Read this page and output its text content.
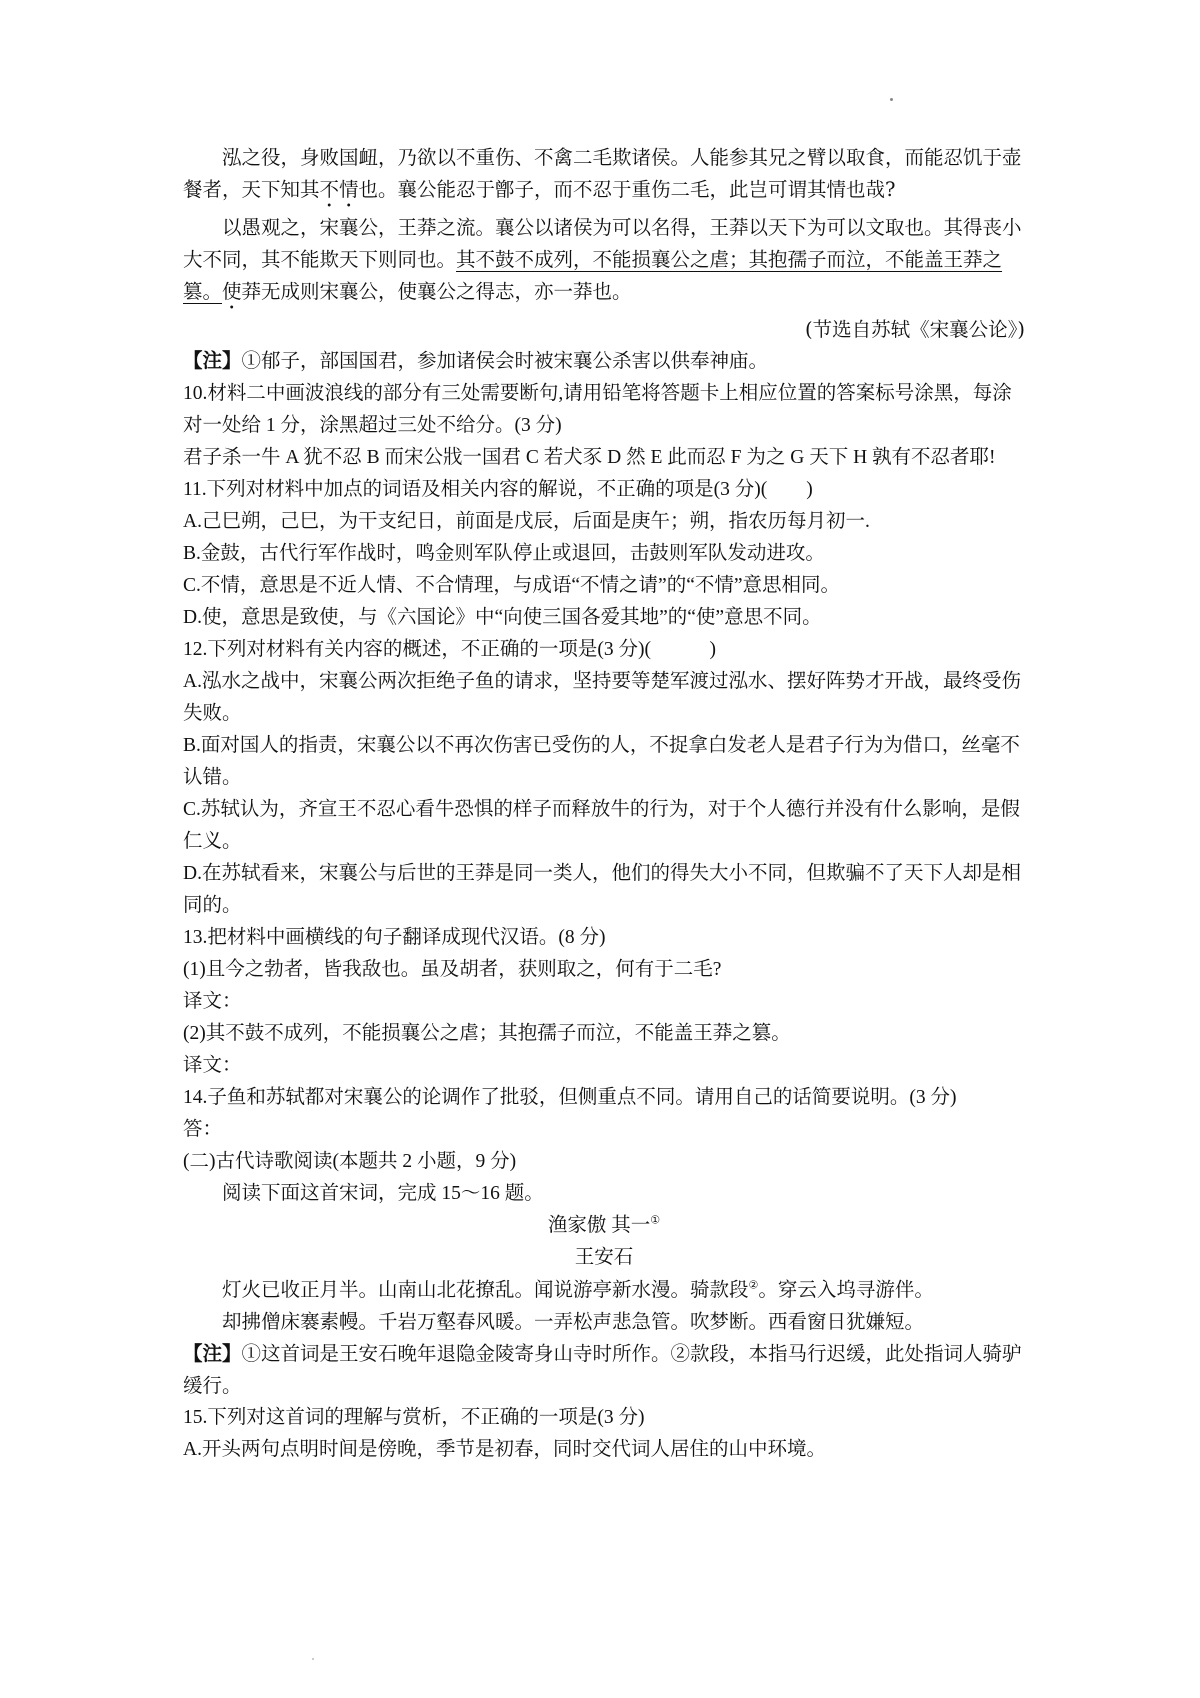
泓之役，身败国衄，乃欲以不重伤、不禽二毛欺诸侯。人能参其兄之臂以取食，而能忍饥于壶餐者，天下知其不情也。襄公能忍于鄫子，而不忍于重伤二毛，此岂可谓其情也哉?

以愚观之，宋襄公，王莽之流。襄公以诸侯为可以名得，王莽以天下为可以文取也。其得丧小大不同，其不能欺天下则同也。其不鼓不成列，不能损襄公之虐；其抱孺子而泣，不能盖王莽之篡。使莽无成则宋襄公，使襄公之得志，亦一莽也。

(节选自苏轼《宋襄公论》)

【注】①郁子，部国国君，参加诸侯会时被宋襄公杀害以供奉神庙。

10.材料二中画波浪线的部分有三处需要断句,请用铅笔将答题卡上相应位置的答案标号涂黑，每涂对一处给 1 分，涂黑超过三处不给分。(3 分)

君子杀一牛 A 犹不忍 B 而宋公戕一国君 C 若犬豕 D 然 E 此而忍 F 为之 G 天下 H 孰有不忍者耶!

11.下列对材料中加点的词语及相关内容的解说，不正确的项是(3 分)(　　)

A.己巳朔，己巳，为干支纪日，前面是戊辰，后面是庚午；朔，指农历每月初一.

B.金鼓，古代行军作战时，鸣金则军队停止或退回，击鼓则军队发动进攻。

C.不情，意思是不近人情、不合情理，与成语“不情之请”的“不情”意思相同。

D.使，意思是致使，与《六国论》中“向使三国各爱其地”的“使”意思不同。

12.下列对材料有关内容的概述，不正确的一项是(3 分)(　　　)

A.泓水之战中，宋襄公两次拒绝子鱼的请求，坚持要等楚军渡过泓水、摆好阵势才开战，最终受伤失败。

B.面对国人的指责，宋襄公以不再次伤害已受伤的人，不捉拿白发老人是君子行为为借口，丝毫不认错。

C.苏轼认为，齐宣王不忍心看牛恐惧的样子而释放牛的行为，对于个人德行并没有什么影响，是假仁义。

D.在苏轼看来，宋襄公与后世的王莽是同一类人，他们的得失大小不同，但欺骗不了天下人却是相同的。

13.把材料中画横线的句子翻译成现代汉语。(8 分)

(1)且今之勃者，皆我敌也。虽及胡者，获则取之，何有于二毛?

译文：

(2)其不鼓不成列，不能损襄公之虐；其抱孺子而泣，不能盖王莽之篡。

译文：

14.子鱼和苏轼都对宋襄公的论调作了批驳，但侧重点不同。请用自己的话简要说明。(3 分)

答：

(二)古代诗歌阅读(本题共 2 小题，9 分)

阅读下面这首宋词，完成 15～16 题。

渔家傲 其一①

王安石

灯火已收正月半。山南山北花撩乱。闻说游亭新水漫。骑款段②。穿云入坞寻游伴。

却拂僧床褰素幔。千岩万壑春风暖。一弄松声悲急管。吹梦断。西看窗日犹嫌短。

【注】①这首词是王安石晚年退隐金陵寄身山寺时所作。②款段，本指马行迟缓，此处指词人骑驴缓行。

15.下列对这首词的理解与赏析，不正确的一项是(3 分)

A.开头两句点明时间是傍晚，季节是初春，同时交代词人居住的山中环境。
